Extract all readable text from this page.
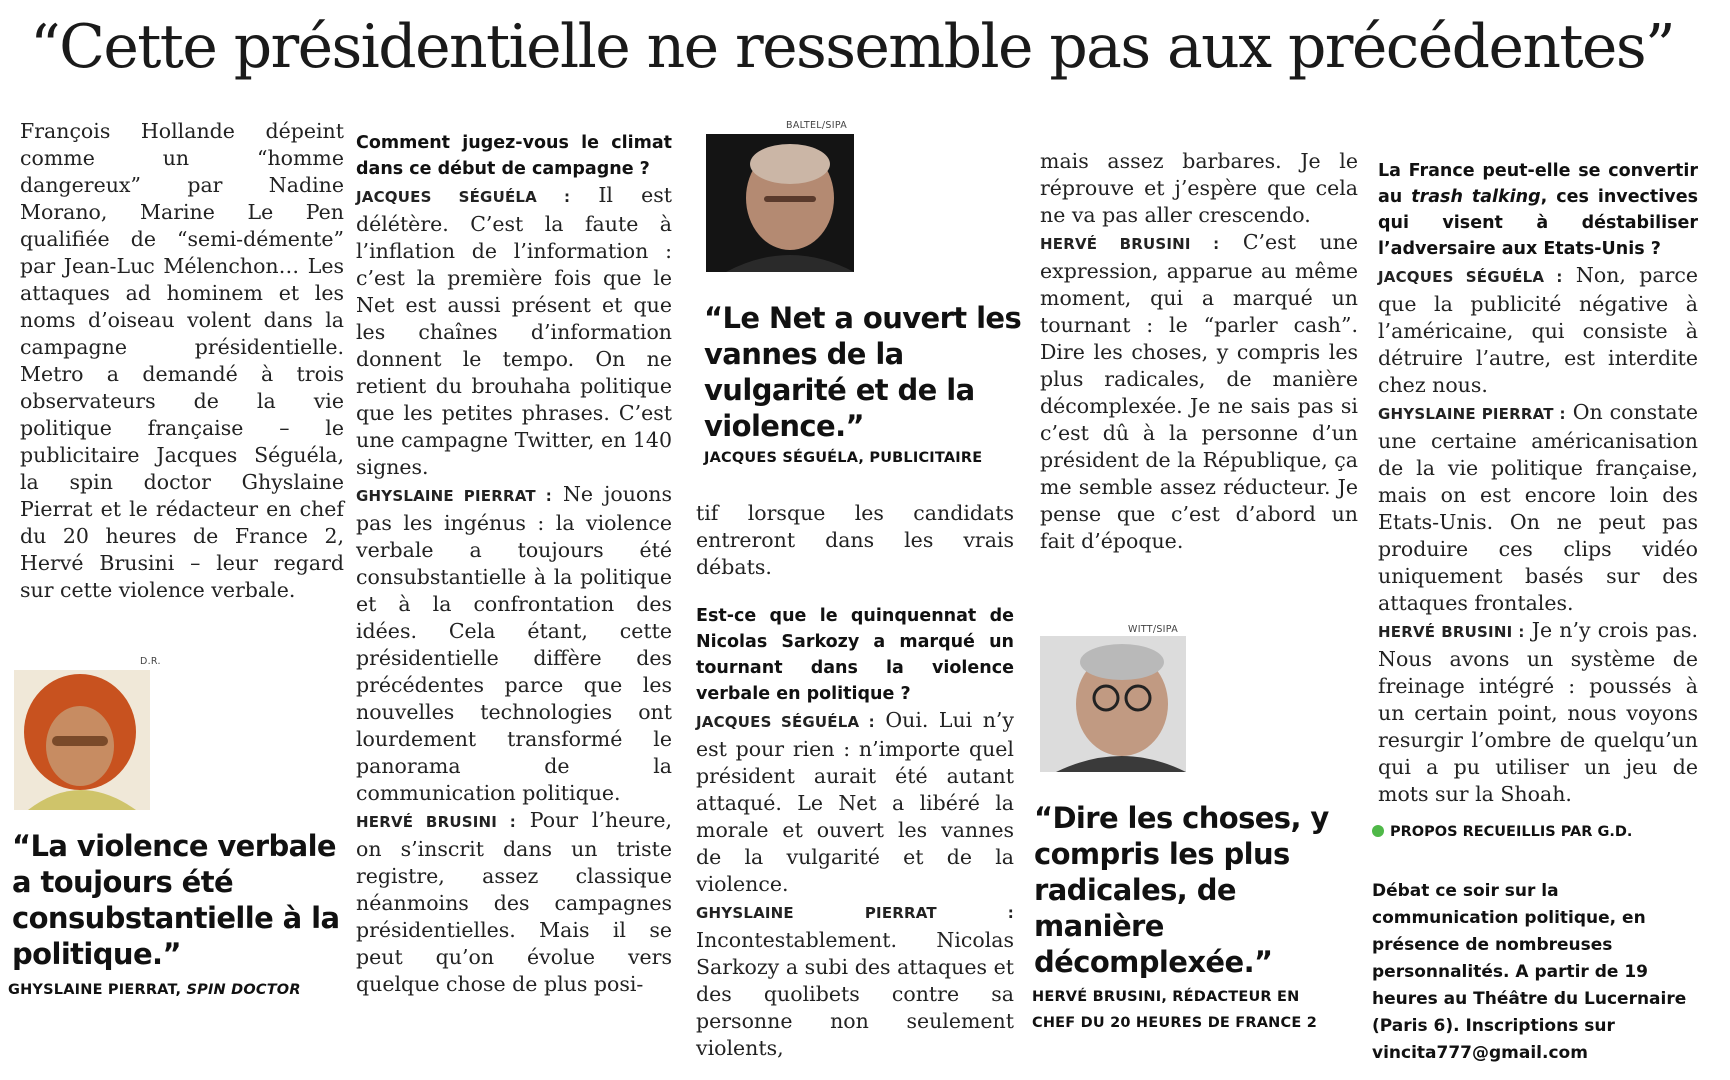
“Cette présidentielle ne ressemble pas aux précédentes”

François Hollande dépeint comme un “homme dangereux” par Nadine Morano, Marine Le Pen qualifiée de “semi-démente” par Jean-Luc Mélenchon… Les attaques ad hominem et les noms d’oiseau volent dans la campagne présidentielle. Metro a demandé à trois observateurs de la vie politique française – le publicitaire Jacques Séguéla, la spin doctor Ghyslaine Pierrat et le rédacteur en chef du 20 heures de France 2, Hervé Brusini – leur regard sur cette violence verbale.

D.R.

“La violence verbale a toujours été consubstantielle à la politique.”

GHYSLAINE PIERRAT, SPIN DOCTOR

Comment jugez-vous le climat dans ce début de campagne ?

JACQUES SÉGUÉLA : Il est délétère. C’est la faute à l’inflation de l’information : c’est la première fois que le Net est aussi présent et que les chaînes d’information donnent le tempo. On ne retient du brouhaha politique que les petites phrases. C’est une campagne Twitter, en 140 signes.

GHYSLAINE PIERRAT : Ne jouons pas les ingénus : la violence verbale a toujours été consubstantielle à la politique et à la confrontation des idées. Cela étant, cette présidentielle diffère des précédentes parce que les nouvelles technologies ont lourdement transformé le panorama de la communication politique.

HERVÉ BRUSINI : Pour l’heure, on s’inscrit dans un triste registre, assez classique néanmoins des campagnes présidentielles. Mais il se peut qu’on évolue vers quelque chose de plus posi-

BALTEL/SIPA

“Le Net a ouvert les vannes de la vulgarité et de la violence.”

JACQUES SÉGUÉLA, PUBLICITAIRE

tif lorsque les candidats entreront dans les vrais débats.

Est-ce que le quinquennat de Nicolas Sarkozy a marqué un tournant dans la violence verbale en politique ?

JACQUES SÉGUÉLA : Oui. Lui n’y est pour rien : n’importe quel président aurait été autant attaqué. Le Net a libéré la morale et ouvert les vannes de la vulgarité et de la violence.

GHYSLAINE PIERRAT : Incontestablement. Nicolas Sarkozy a subi des attaques et des quolibets contre sa personne non seulement violents,

mais assez barbares. Je le réprouve et j’espère que cela ne va pas aller crescendo.

HERVÉ BRUSINI : C’est une expression, apparue au même moment, qui a marqué un tournant : le “parler cash”. Dire les choses, y compris les plus radicales, de manière décomplexée. Je ne sais pas si c’est dû à la personne d’un président de la République, ça me semble assez réducteur. Je pense que c’est d’abord un fait d’époque.

WITT/SIPA

“Dire les choses, y compris les plus radicales, de manière décomplexée.”

HERVÉ BRUSINI, RÉDACTEUR EN CHEF DU 20 HEURES DE FRANCE 2

La France peut-elle se convertir au trash talking, ces invectives qui visent à déstabiliser l’adversaire aux Etats-Unis ?

JACQUES SÉGUÉLA : Non, parce que la publicité négative à l’américaine, qui consiste à détruire l’autre, est interdite chez nous.

GHYSLAINE PIERRAT : On constate une certaine américanisation de la vie politique française, mais on est encore loin des Etats-Unis. On ne peut pas produire ces clips vidéo uniquement basés sur des attaques frontales.

HERVÉ BRUSINI : Je n’y crois pas. Nous avons un système de freinage intégré : poussés à un certain point, nous voyons resurgir l’ombre de quelqu’un qui a pu utiliser un jeu de mots sur la Shoah.

PROPOS RECUEILLIS PAR G.D.

Débat ce soir sur la communication politique, en présence de nombreuses personnalités. A partir de 19 heures au Théâtre du Lucernaire (Paris 6). Inscriptions sur vincita777@gmail.com
